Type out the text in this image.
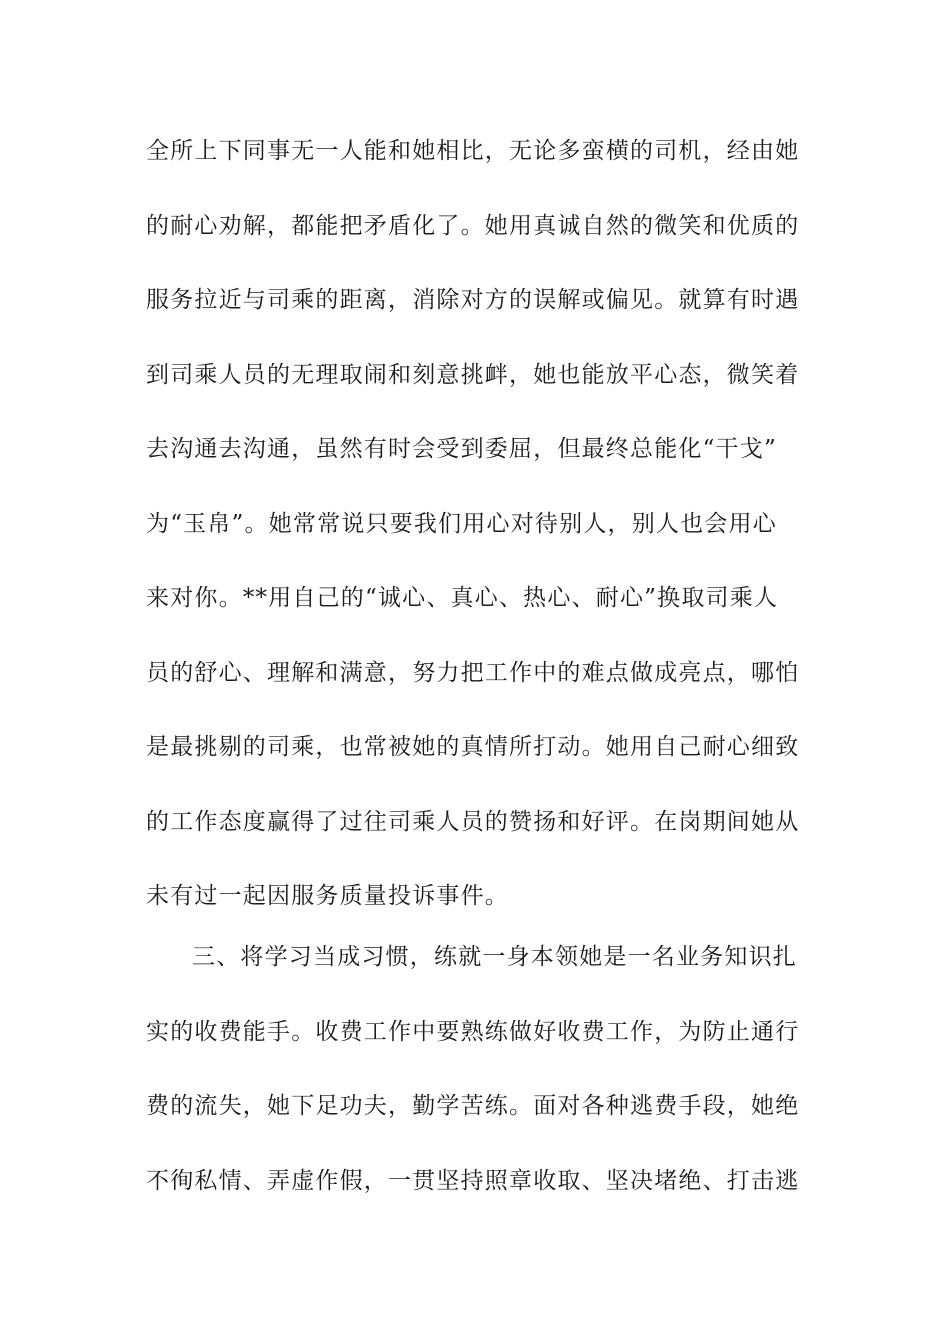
全所上下同事无一人能和她相比，无论多蛮横的司机，经由她
的耐心劝解，都能把矛盾化了。她用真诚自然的微笑和优质的
服务拉近与司乘的距离，消除对方的误解或偏见。就算有时遇
到司乘人员的无理取闹和刻意挑衅，她也能放平心态，微笑着
去沟通去沟通，虽然有时会受到委屈，但最终总能化“干戈”
为“玉帛”。她常常说只要我们用心对待别人，别人也会用心
来对你。**用自己的“诚心、真心、热心、耐心”换取司乘人
员的舒心、理解和满意，努力把工作中的难点做成亮点，哪怕
是最挑剔的司乘，也常被她的真情所打动。她用自己耐心细致
的工作态度赢得了过往司乘人员的赞扬和好评。在岗期间她从
未有过一起因服务质量投诉事件。
三、将学习当成习惯，练就一身本领她是一名业务知识扎
实的收费能手。收费工作中要熟练做好收费工作，为防止通行
费的流失，她下足功夫，勤学苦练。面对各种逃费手段，她绝
不徇私情、弄虚作假，一贯坚持照章收取、坚决堵绝、打击逃
